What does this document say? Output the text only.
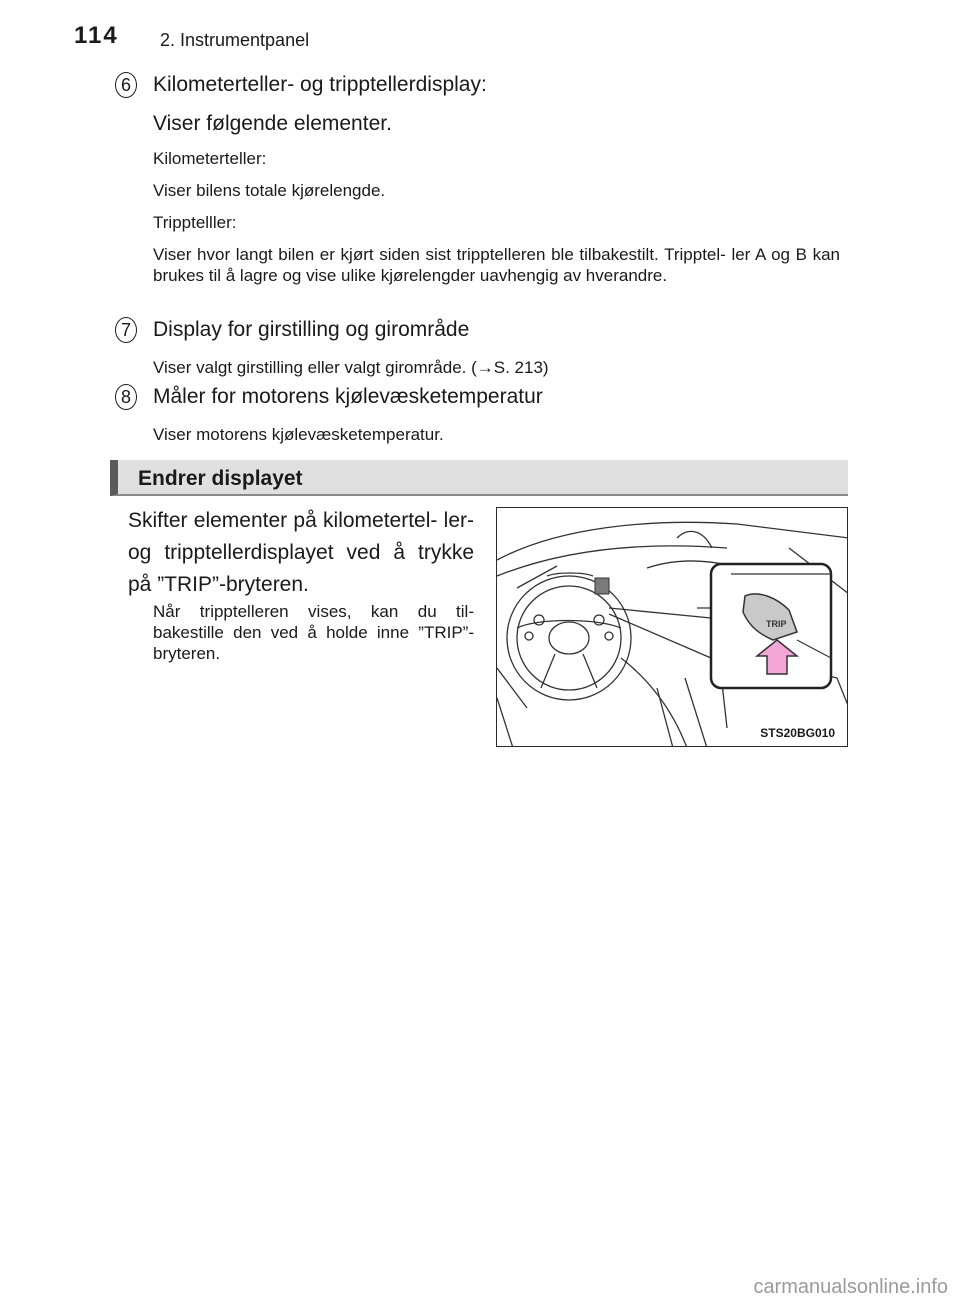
114 2. Instrumentpanel
6 Kilometerteller- og tripptellerdisplay:
Viser følgende elementer.
Kilometerteller:
Viser bilens totale kjørelengde.
Tripptelller:
Viser hvor langt bilen er kjørt siden sist tripptelleren ble tilbakestilt. Tripptel- ler A og B kan brukes til å lagre og vise ulike kjørelengder uavhengig av hverandre.
7 Display for girstilling og girområde
Viser valgt girstilling eller valgt girområde. (→S. 213)
8 Måler for motorens kjølevæsketemperatur
Viser motorens kjølevæsketemperatur.
Endrer displayet
Skifter elementer på kilometertel- ler- og tripptellerdisplayet ved å trykke på ”TRIP”-bryteren.
Når tripptelleren vises, kan du til- bakestille den ved å holde inne ”TRIP”-bryteren.
TRIP
STS20BG010
carmanualsonline.info
